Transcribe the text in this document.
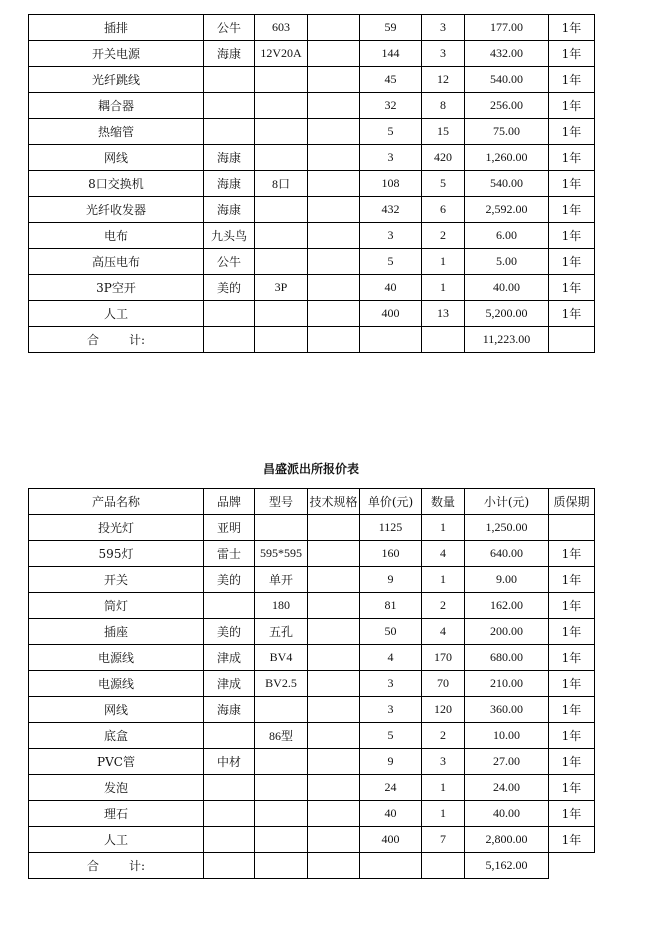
插排	公牛	603		59	3	177.00	1年
开关电源	海康	12V20A		144	3	432.00	1年
光纤跳线				45	12	540.00	1年
耦合器				32	8	256.00	1年
热缩管				5	15	75.00	1年
网线	海康			3	420	1,260.00	1年
8口交换机	海康	8口		108	5	540.00	1年
光纤收发器	海康			432	6	2,592.00	1年
电布	九头鸟			3	2	6.00	1年
高压电布	公牛			5	1	5.00	1年
3P空开	美的	3P		40	1	40.00	1年
人工				400	13	5,200.00	1年
合 计:						11,223.00	
昌盛派出所报价表
产品名称	品牌	型号	技术规格	单价(元)	数量	小计(元)	质保期
投光灯	亚明			1125	1	1,250.00	
595灯	雷士	595*595		160	4	640.00	1年
开关	美的	单开		9	1	9.00	1年
筒灯		180		81	2	162.00	1年
插座	美的	五孔		50	4	200.00	1年
电源线	津成	BV4		4	170	680.00	1年
电源线	津成	BV2.5		3	70	210.00	1年
网线	海康			3	120	360.00	1年
底盒		86型		5	2	10.00	1年
PVC管	中材			9	3	27.00	1年
发泡				24	1	24.00	1年
理石				40	1	40.00	1年
人工				400	7	2,800.00	1年
合 计:						5,162.00	
